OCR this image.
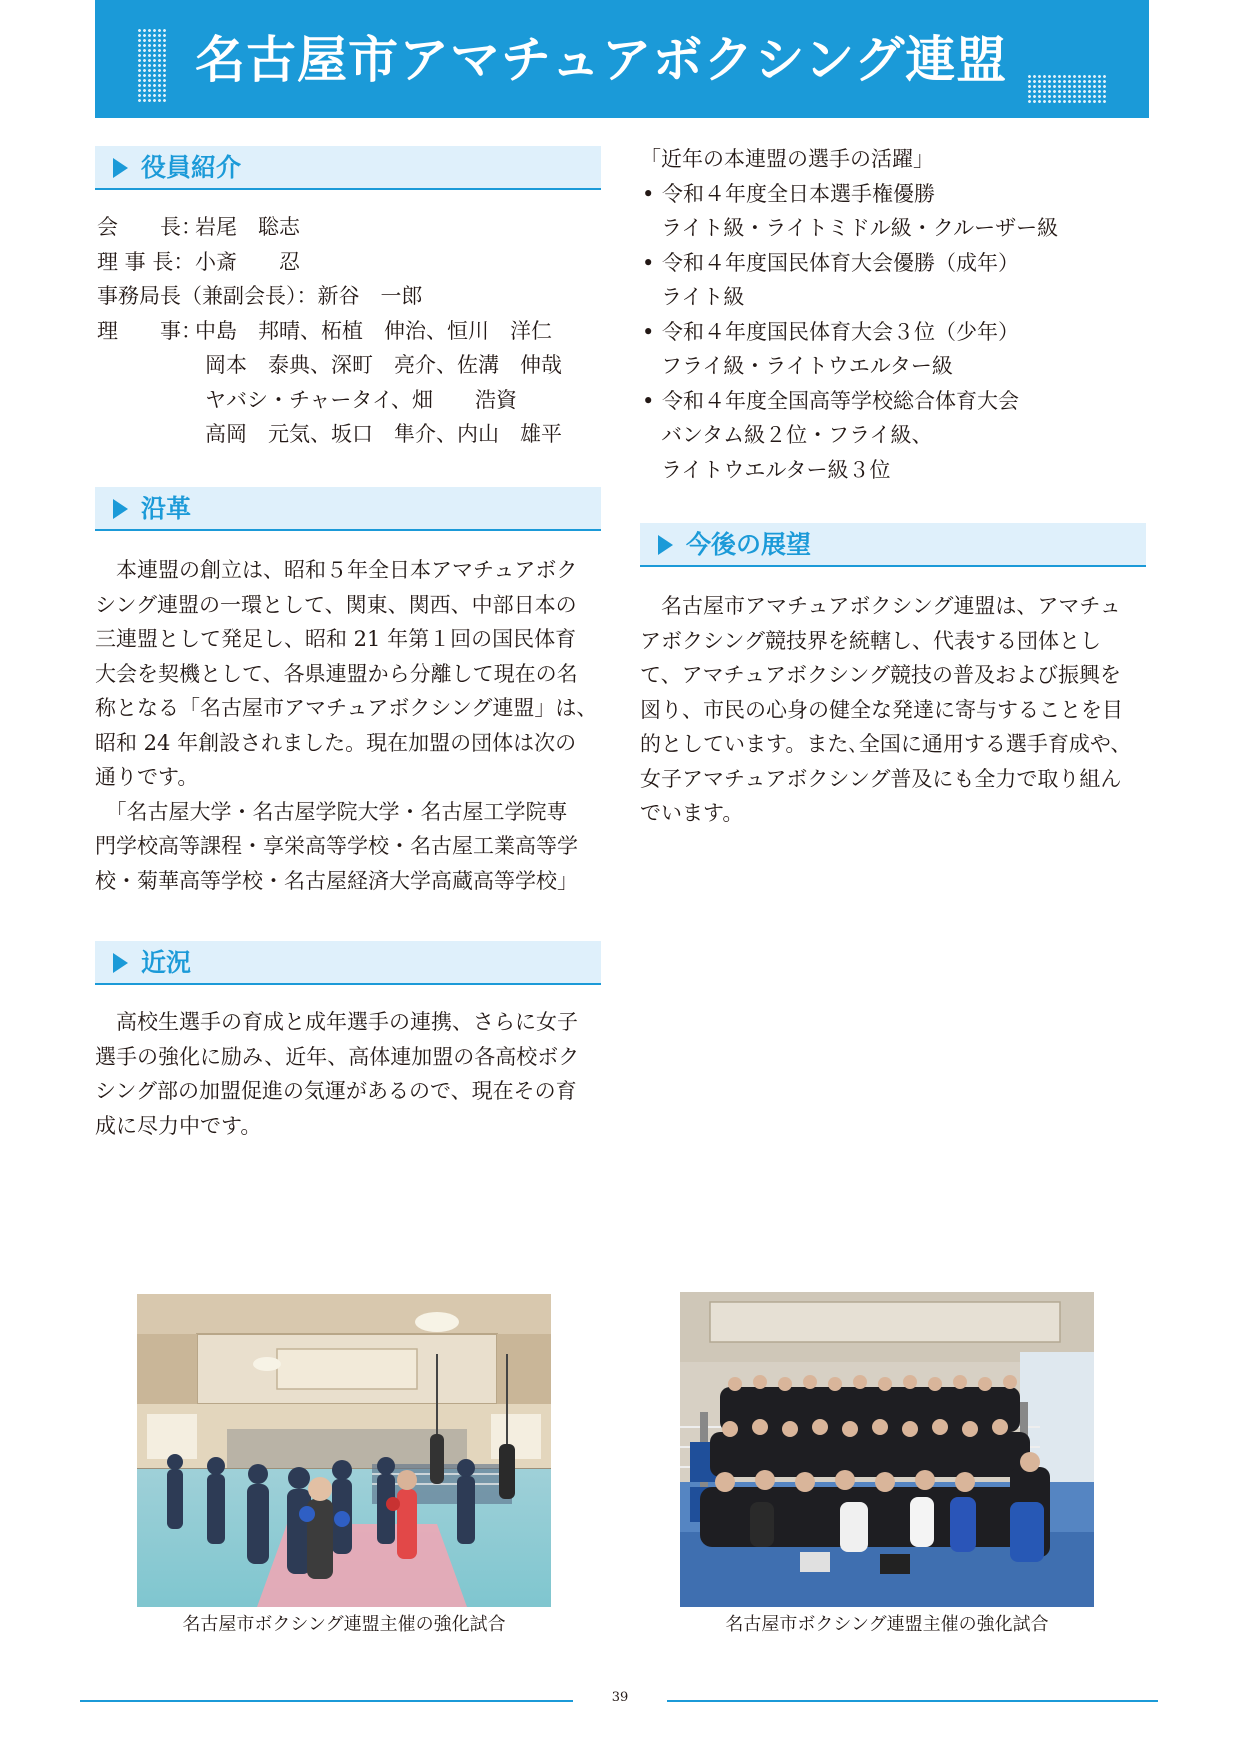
名古屋市アマチュアボクシング連盟
役員紹介
会　　長：岩尾　聡志
理 事 長：小斎　　忍
事務局長（兼副会長）：新谷　一郎
理　　事：中島　邦晴、柘植　伸治、恒川　洋仁
岡本　泰典、深町　亮介、佐溝　伸哉
ヤバシ・チャータイ、畑　　浩資
高岡　元気、坂口　隼介、内山　雄平
沿革
　本連盟の創立は、昭和５年全日本アマチュアボク
シング連盟の一環として、関東、関西、中部日本の
三連盟として発足し、昭和 21 年第１回の国民体育
大会を契機として、各県連盟から分離して現在の名
称となる「名古屋市アマチュアボクシング連盟」は、
昭和 24 年創設されました。現在加盟の団体は次の
通りです。
　「名古屋大学・名古屋学院大学・名古屋工学院専
門学校高等課程・享栄高等学校・名古屋工業高等学
校・菊華高等学校・名古屋経済大学高蔵高等学校」
近況
　高校生選手の育成と成年選手の連携、さらに女子
選手の強化に励み、近年、高体連加盟の各高校ボク
シング部の加盟促進の気運があるので、現在その育
成に尽力中です。
「近年の本連盟の選手の活躍」
• 令和４年度全日本選手権優勝
ライト級・ライトミドル級・クルーザー級
• 令和４年度国民体育大会優勝（成年）
ライト級
• 令和４年度国民体育大会３位（少年）
フライ級・ライトウエルター級
• 令和４年度全国高等学校総合体育大会
バンタム級２位・フライ級、
ライトウエルター級３位
今後の展望
　名古屋市アマチュアボクシング連盟は、アマチュ
アボクシング競技界を統轄し、代表する団体とし
て、アマチュアボクシング競技の普及および振興を
図り、市民の心身の健全な発達に寄与することを目
的としています。また､全国に通用する選手育成や、
女子アマチュアボクシング普及にも全力で取り組ん
でいます。
名古屋市ボクシング連盟主催の強化試合	名古屋市ボクシング連盟主催の強化試合
39
